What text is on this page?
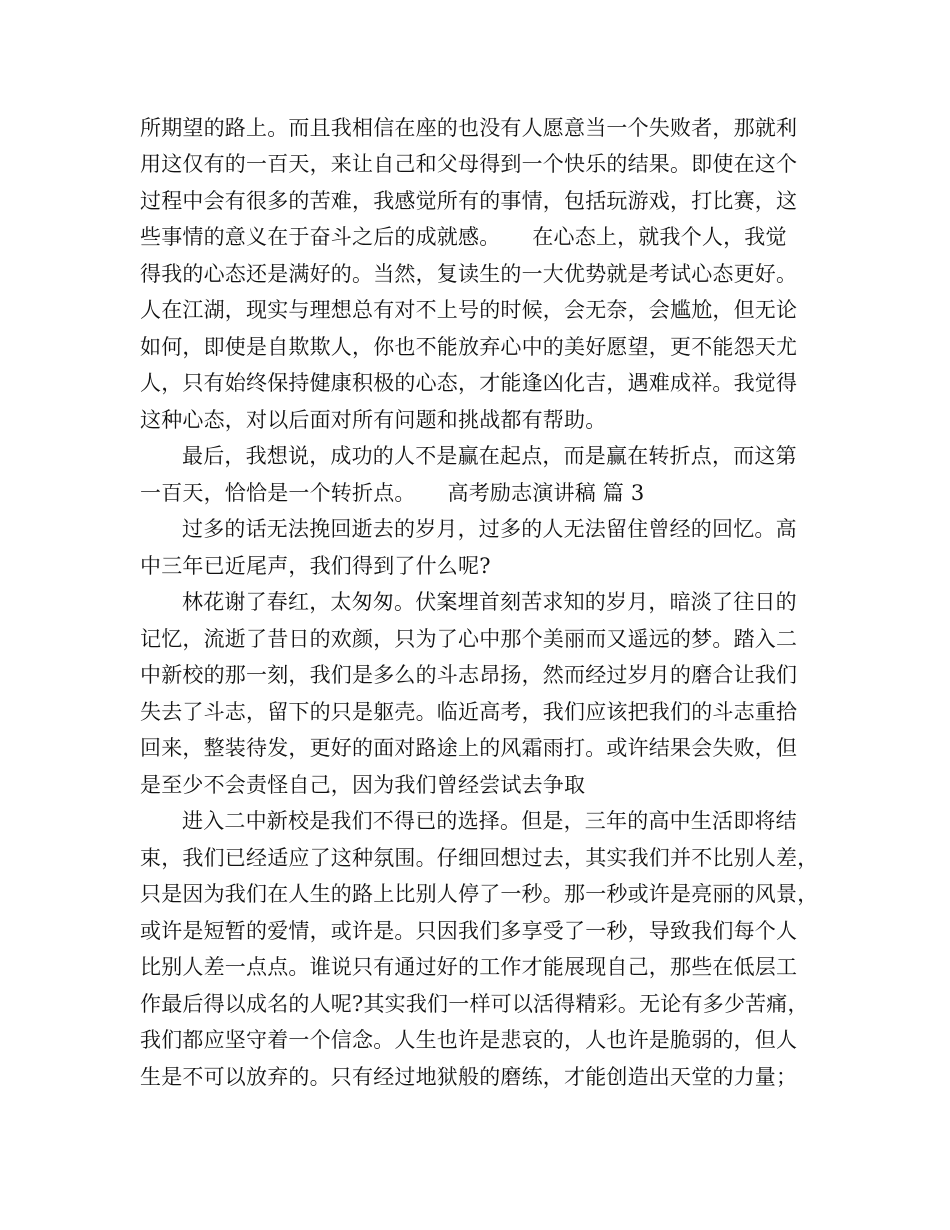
所期望的路上。而且我相信在座的也没有人愿意当一个失败者，那就利
用这仅有的一百天，来让自己和父母得到一个快乐的结果。即使在这个
过程中会有很多的苦难，我感觉所有的事情，包括玩游戏，打比赛，这
些事情的意义在于奋斗之后的成就感。　　在心态上，就我个人，我觉
得我的心态还是满好的。当然，复读生的一大优势就是考试心态更好。
人在江湖，现实与理想总有对不上号的时候，会无奈，会尴尬，但无论
如何，即使是自欺欺人，你也不能放弃心中的美好愿望，更不能怨天尤
人，只有始终保持健康积极的心态，才能逢凶化吉，遇难成祥。我觉得
这种心态，对以后面对所有问题和挑战都有帮助。
最后，我想说，成功的人不是赢在起点，而是赢在转折点，而这第
一百天，恰恰是一个转折点。　　高考励志演讲稿 篇 3
过多的话无法挽回逝去的岁月，过多的人无法留住曾经的回忆。高
中三年已近尾声，我们得到了什么呢?
林花谢了春红，太匆匆。伏案埋首刻苦求知的岁月，暗淡了往日的
记忆，流逝了昔日的欢颜，只为了心中那个美丽而又遥远的梦。踏入二
中新校的那一刻，我们是多么的斗志昂扬，然而经过岁月的磨合让我们
失去了斗志，留下的只是躯壳。临近高考，我们应该把我们的斗志重拾
回来，整装待发，更好的面对路途上的风霜雨打。或许结果会失败，但
是至少不会责怪自己，因为我们曾经尝试去争取
进入二中新校是我们不得已的选择。但是，三年的高中生活即将结
束，我们已经适应了这种氛围。仔细回想过去，其实我们并不比别人差，
只是因为我们在人生的路上比别人停了一秒。那一秒或许是亮丽的风景，
或许是短暂的爱情，或许是。只因我们多享受了一秒，导致我们每个人
比别人差一点点。谁说只有通过好的工作才能展现自己，那些在低层工
作最后得以成名的人呢?其实我们一样可以活得精彩。无论有多少苦痛，
我们都应坚守着一个信念。人生也许是悲哀的，人也许是脆弱的，但人
生是不可以放弃的。只有经过地狱般的磨练，才能创造出天堂的力量；
